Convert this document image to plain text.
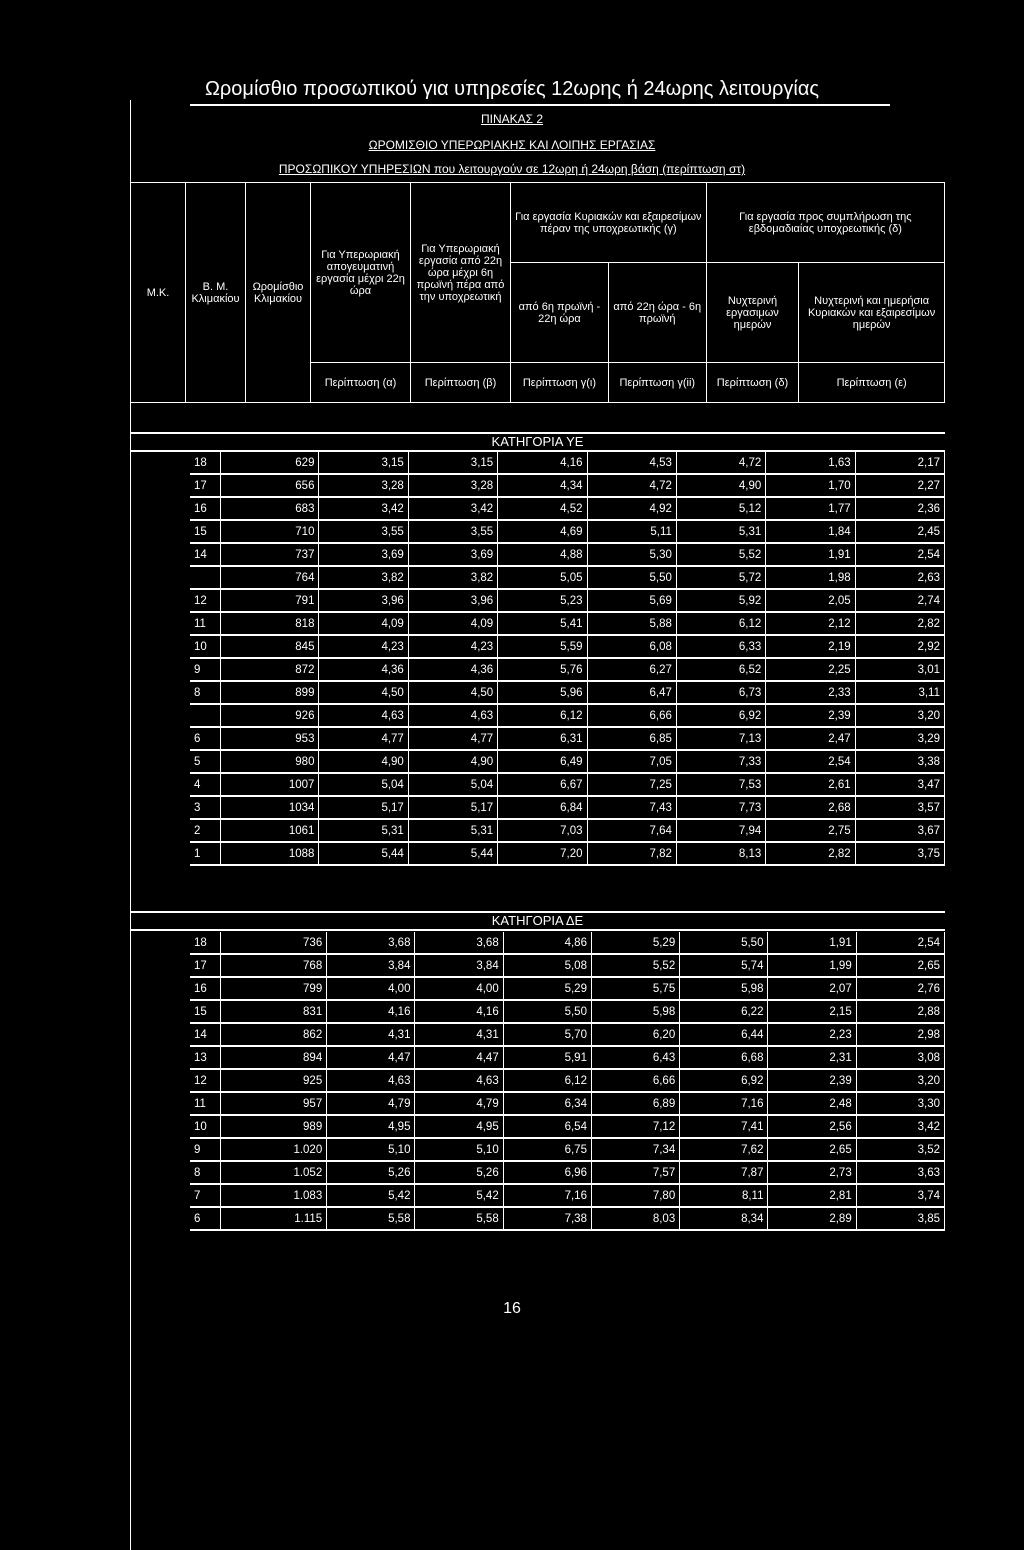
Ωρομίσθιο προσωπικού για υπηρεσίες 12ωρης ή 24ωρης λειτουργίας
ΠΙΝΑΚΑΣ 2
ΩΡΟΜΙΣΘΙΟ ΥΠΕΡΩΡΙΑΚΗΣ ΚΑΙ ΛΟΙΠΗΣ ΕΡΓΑΣΙΑΣ
ΠΡΟΣΩΠΙΚΟΥ ΥΠΗΡΕΣΙΩΝ που λειτουργούν σε 12ωρη ή 24ωρη βάση (περίπτωση στ)
Μ.Κ.	Β. Μ. Κλιμακίου	Ωρομίσθιο Κλιμακίου	Για Υπερωριακή απογευματινή εργασία μέχρι 22η ώρα	Για Υπερωριακή εργασία από 22η ώρα μέχρι 6η πρωϊνή πέρα από την υποχρεωτική	Για εργασία Κυριακών και εξαιρεσίμων πέραν της υποχρεωτικής (γ)		Για εργασία προς συμπλήρωση της εβδομαδιαίας υποχρεωτικής (δ)	
					από 6η πρωϊνή - 22η ώρα	από 22η ώρα - 6η πρωϊνή	Νυχτερινή εργασιμων ημερών	Νυχτερινή και ημερήσια Κυριακών και εξαιρεσίμων ημερών
			Περίπτωση (α)	Περίπτωση (β)	Περίπτωση γ(ι)	Περίπτωση γ(ii)	Περίπτωση (δ)	Περίπτωση (ε)
ΚΑΤΗΓΟΡΙΑ ΥΕ
18	629	3,15	3,15	4,16	4,53	4,72	1,63	2,17
17	656	3,28	3,28	4,34	4,72	4,90	1,70	2,27
16	683	3,42	3,42	4,52	4,92	5,12	1,77	2,36
15	710	3,55	3,55	4,69	5,11	5,31	1,84	2,45
14	737	3,69	3,69	4,88	5,30	5,52	1,91	2,54
	764	3,82	3,82	5,05	5,50	5,72	1,98	2,63
12	791	3,96	3,96	5,23	5,69	5,92	2,05	2,74
11	818	4,09	4,09	5,41	5,88	6,12	2,12	2,82
10	845	4,23	4,23	5,59	6,08	6,33	2,19	2,92
9	872	4,36	4,36	5,76	6,27	6,52	2,25	3,01
8	899	4,50	4,50	5,96	6,47	6,73	2,33	3,11
	926	4,63	4,63	6,12	6,66	6,92	2,39	3,20
6	953	4,77	4,77	6,31	6,85	7,13	2,47	3,29
5	980	4,90	4,90	6,49	7,05	7,33	2,54	3,38
4	1007	5,04	5,04	6,67	7,25	7,53	2,61	3,47
3	1034	5,17	5,17	6,84	7,43	7,73	2,68	3,57
2	1061	5,31	5,31	7,03	7,64	7,94	2,75	3,67
1	1088	5,44	5,44	7,20	7,82	8,13	2,82	3,75
ΚΑΤΗΓΟΡΙΑ ΔΕ
18	736	3,68	3,68	4,86	5,29	5,50	1,91	2,54
17	768	3,84	3,84	5,08	5,52	5,74	1,99	2,65
16	799	4,00	4,00	5,29	5,75	5,98	2,07	2,76
15	831	4,16	4,16	5,50	5,98	6,22	2,15	2,88
14	862	4,31	4,31	5,70	6,20	6,44	2,23	2,98
13	894	4,47	4,47	5,91	6,43	6,68	2,31	3,08
12	925	4,63	4,63	6,12	6,66	6,92	2,39	3,20
11	957	4,79	4,79	6,34	6,89	7,16	2,48	3,30
10	989	4,95	4,95	6,54	7,12	7,41	2,56	3,42
9	1.020	5,10	5,10	6,75	7,34	7,62	2,65	3,52
8	1.052	5,26	5,26	6,96	7,57	7,87	2,73	3,63
7	1.083	5,42	5,42	7,16	7,80	8,11	2,81	3,74
6	1.115	5,58	5,58	7,38	8,03	8,34	2,89	3,85
16
